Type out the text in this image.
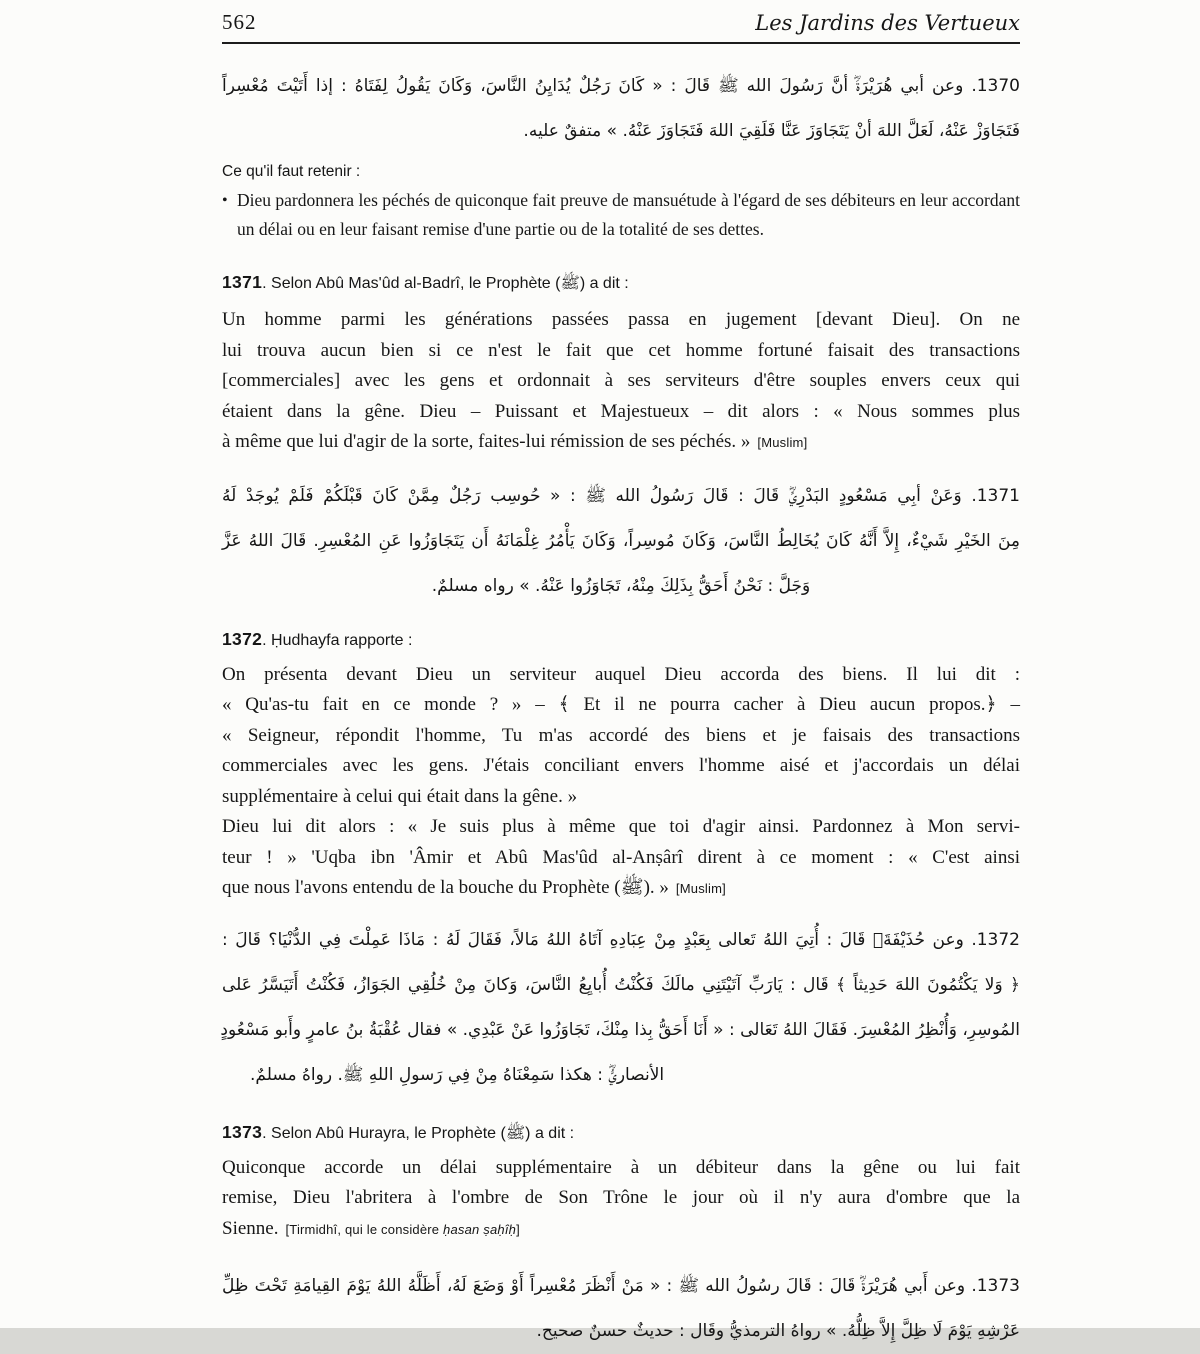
562	Les Jardins des Vertueux
1370. وعن أبي هُرَيْرَةَؓ أنَّ رَسُولَ الله ﷺ قَالَ : « كَانَ رَجُلٌ يُدَايِنُ النَّاسَ، وَكَانَ يَقُولُ لِفَتَاهُ : إذا أَتَيْتَ مُعْسِراً
فَتَجَاوَزْ عَنْهُ، لَعَلَّ اللهَ أنْ يَتَجَاوَزَ عَنَّا فَلَقِيَ اللهَ فَتَجَاوَزَ عَنْهُ. » متفقٌ عليه.
Ce qu'il faut retenir :
• Dieu pardonnera les péchés de quiconque fait preuve de mansuétude à l'égard de ses débiteurs en leur accordant
un délai ou en leur faisant remise d'une partie ou de la totalité de ses dettes.
1371. Selon Abû Mas'ûd al-Badrî, le Prophète (ﷺ) a dit :
Un homme parmi les générations passées passa en jugement [devant Dieu]. On ne
lui trouva aucun bien si ce n'est le fait que cet homme fortuné faisait des transactions
[commerciales] avec les gens et ordonnait à ses serviteurs d'être souples envers ceux qui
étaient dans la gêne. Dieu – Puissant et Majestueux – dit alors : « Nous sommes plus
à même que lui d'agir de la sorte, faites-lui rémission de ses péchés. » [Muslim]
1371. وَعَنْ أبِي مَسْعُودٍ البَدْرِيِّؓ قَالَ : قَالَ رَسُولُ الله ﷺ : « حُوسِب رَجُلٌ مِمَّنْ كَانَ قَبْلَكُمْ فَلَمْ يُوجَدْ لَهُ
مِنَ الخَيْرِ شَيْءٌ، إِلاَّ أَنَّهُ كَانَ يُخَالِطُ النَّاسَ، وَكَانَ مُوسِراً، وَكَانَ يَأْمُرُ غِلْمَانَهُ أَن يَتَجَاوَزُوا عَنِ المُعْسِرِ. قَالَ اللهُ عَزَّ
وَجَلَّ : نَحْنُ أَحَقُّ بِذَلِكَ مِنْهُ، تَجَاوَزُوا عَنْهُ. » رواه مسلمٌ.
1372. Ḥudhayfa rapporte :
On présenta devant Dieu un serviteur auquel Dieu accorda des biens. Il lui dit :
« Qu'as-tu fait en ce monde ? » – ﴾ Et il ne pourra cacher à Dieu aucun propos.﴿ –
« Seigneur, répondit l'homme, Tu m'as accordé des biens et je faisais des transactions
commerciales avec les gens. J'étais conciliant envers l'homme aisé et j'accordais un délai
supplémentaire à celui qui était dans la gêne. »
Dieu lui dit alors : « Je suis plus à même que toi d'agir ainsi. Pardonnez à Mon servi-
teur ! » 'Uqba ibn 'Âmir et Abû Mas'ûd al-Anṣârî dirent à ce moment : « C'est ainsi
que nous l'avons entendu de la bouche du Prophète (ﷺ). » [Muslim]
1372. وعن حُذَيْفَةَؓ قَالَ : أُتِيَ اللهُ تَعالى بِعَبْدٍ مِنْ عِبَادِهِ آتَاهُ اللهُ مَالاً، فَقَالَ لَهُ : مَاذَا عَمِلْتَ فِي الدُّنْيَا؟ قَالَ :
﴿ وَلا يَكْتُمُونَ اللهَ حَدِيثاً ﴾ قَال : يَارَبِّ آتَيْتَنِي مالَكَ فَكُنْتُ أُبايِعُ النَّاسَ، وَكانَ مِنْ خُلُقِي الجَوَازُ، فَكُنْتُ أَتَيَسَّرُ عَلى
المُوسِرِ، وَأُنْظِرُ المُعْسِرَ. فَقَالَ اللهُ تَعَالى : « أَنَا أَحَقُّ بِذا مِنْكَ، تَجَاوَزُوا عَنْ عَبْدِي. » فقال عُقْبَةُ بنُ عامرٍ وأَبو مَسْعُودٍ
الأنصاريُّؓ : هكذا سَمِعْنَاهُ مِنْ فِي رَسولِ اللهِ ﷺ. رواهُ مسلمٌ.
1373. Selon Abû Hurayra, le Prophète (ﷺ) a dit :
Quiconque accorde un délai supplémentaire à un débiteur dans la gêne ou lui fait
remise, Dieu l'abritera à l'ombre de Son Trône le jour où il n'y aura d'ombre que la
Sienne. [Tirmidhî, qui le considère ḥasan ṣaḥîḥ]
1373. وعن أَبي هُرَيْرَةَؓ قَالَ : قَالَ رسُولُ الله ﷺ : « مَنْ أَنْظَرَ مُعْسِراً أَوْ وَضَعَ لَهُ، أَظَلَّهُ اللهُ يَوْمَ القِيامَةِ تَحْتَ ظِلِّ
عَرْشِهِ يَوْمَ لَا ظِلَّ إِلاَّ ظِلُّهُ. » رواهُ الترمذيُّ وقَال : حديثٌ حسنٌ صحيح.
